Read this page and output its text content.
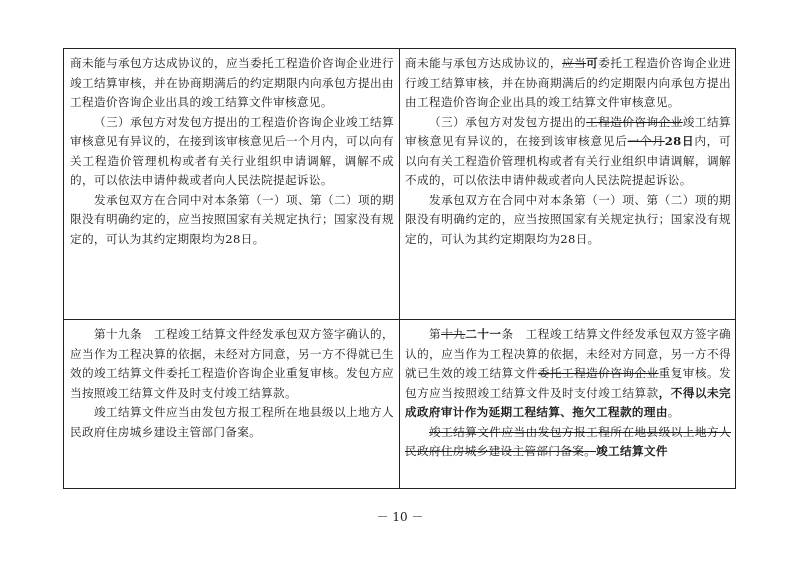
商未能与承包方达成协议的，应当委托工程造价咨询企业进行竣工结算审核，并在协商期满后的约定期限内向承包方提出由工程造价咨询企业出具的竣工结算文件审核意见。

（三）承包方对发包方提出的工程造价咨询企业竣工结算审核意见有异议的，在接到该审核意见后一个月内，可以向有关工程造价管理机构或者有关行业组织申请调解，调解不成的，可以依法申请仲裁或者向人民法院提起诉讼。

发承包双方在合同中对本条第（一）项、第（二）项的期限没有明确约定的，应当按照国家有关规定执行；国家没有规定的，可认为其约定期限均为28日。

商未能与承包方达成协议的，应当可委托工程造价咨询企业进行竣工结算审核，并在协商期满后的约定期限内向承包方提出由工程造价咨询企业出具的竣工结算文件审核意见。

（三）承包方对发包方提出的工程造价咨询企业竣工结算审核意见有异议的，在接到该审核意见后一个月28日内，可以向有关工程造价管理机构或者有关行业组织申请调解，调解不成的，可以依法申请仲裁或者向人民法院提起诉讼。

发承包双方在合同中对本条第（一）项、第（二）项的期限没有明确约定的，应当按照国家有关规定执行；国家没有规定的，可认为其约定期限均为28日。

第十九条　工程竣工结算文件经发承包双方签字确认的，应当作为工程决算的依据，未经对方同意，另一方不得就已生效的竣工结算文件委托工程造价咨询企业重复审核。发包方应当按照竣工结算文件及时支付竣工结算款。

竣工结算文件应当由发包方报工程所在地县级以上地方人民政府住房城乡建设主管部门备案。

第十九二十一条　工程竣工结算文件经发承包双方签字确认的，应当作为工程决算的依据，未经对方同意，另一方不得就已生效的竣工结算文件委托工程造价咨询企业重复审核。发包方应当按照竣工结算文件及时支付竣工结算款，不得以未完成政府审计作为延期工程结算、拖欠工程款的理由。

竣工结算文件应当由发包方报工程所在地县级以上地方人民政府住房城乡建设主管部门备案。竣工结算文件

－ 10 －
